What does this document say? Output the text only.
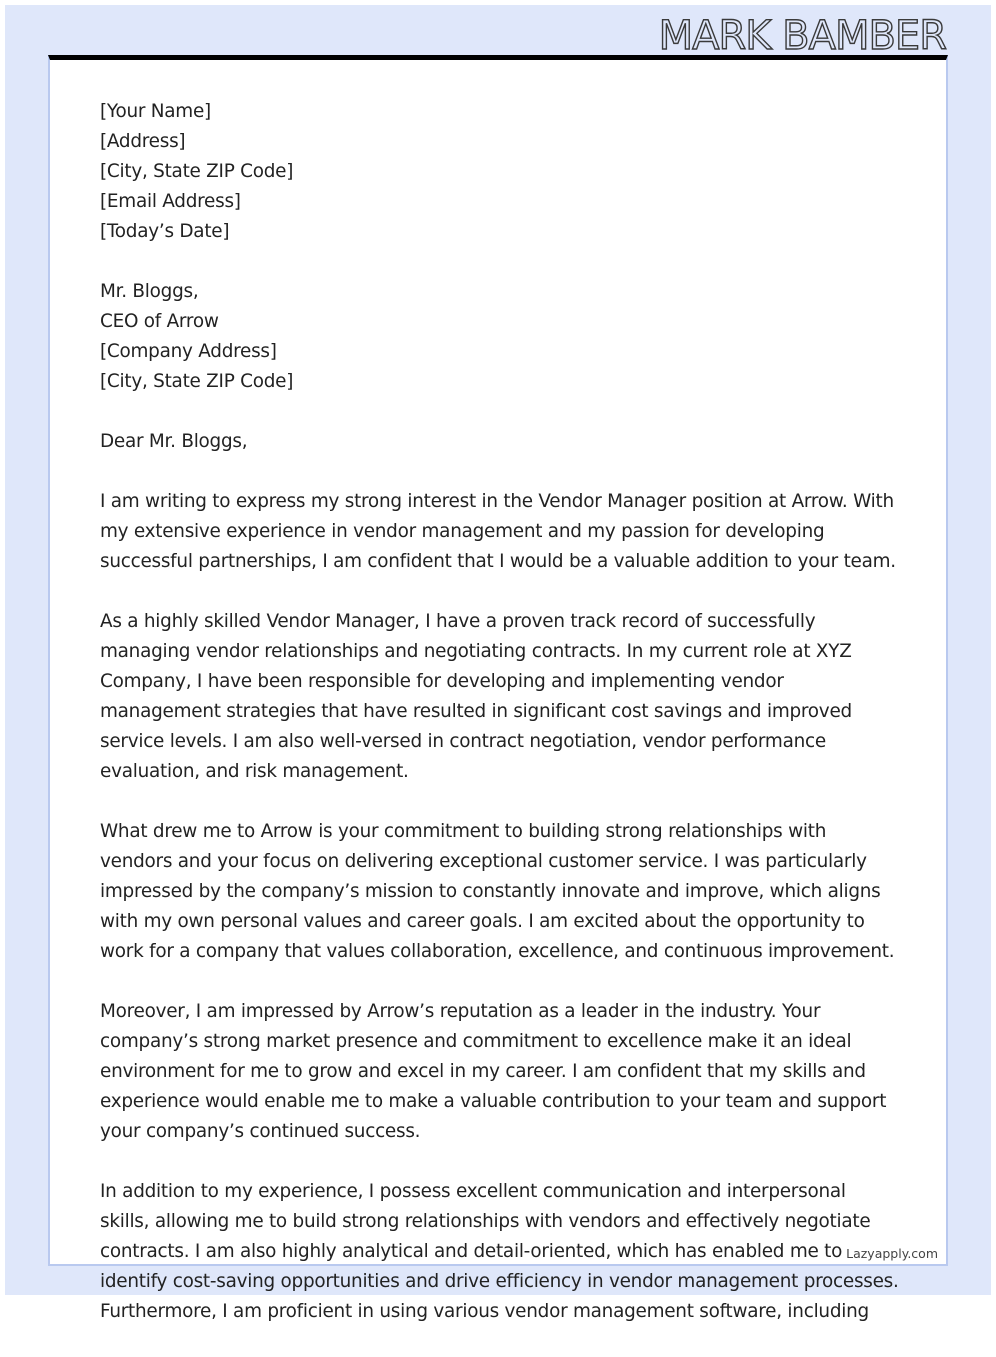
MARK BAMBER

[Your Name]
[Address]
[City, State ZIP Code]
[Email Address]
[Today’s Date]

Mr. Bloggs,
CEO of Arrow
[Company Address]
[City, State ZIP Code]

Dear Mr. Bloggs,

I am writing to express my strong interest in the Vendor Manager position at Arrow. With my extensive experience in vendor management and my passion for developing successful partnerships, I am confident that I would be a valuable addition to your team.

As a highly skilled Vendor Manager, I have a proven track record of successfully managing vendor relationships and negotiating contracts. In my current role at XYZ Company, I have been responsible for developing and implementing vendor management strategies that have resulted in significant cost savings and improved service levels. I am also well-versed in contract negotiation, vendor performance evaluation, and risk management.

What drew me to Arrow is your commitment to building strong relationships with vendors and your focus on delivering exceptional customer service. I was particularly impressed by the company’s mission to constantly innovate and improve, which aligns with my own personal values and career goals. I am excited about the opportunity to work for a company that values collaboration, excellence, and continuous improvement.

Moreover, I am impressed by Arrow’s reputation as a leader in the industry. Your company’s strong market presence and commitment to excellence make it an ideal environment for me to grow and excel in my career. I am confident that my skills and experience would enable me to make a valuable contribution to your team and support your company’s continued success.

In addition to my experience, I possess excellent communication and interpersonal skills, allowing me to build strong relationships with vendors and effectively negotiate contracts. I am also highly analytical and detail-oriented, which has enabled me to identify cost-saving opportunities and drive efficiency in vendor management processes. Furthermore, I am proficient in using various vendor management software, including

Lazyapply.com
